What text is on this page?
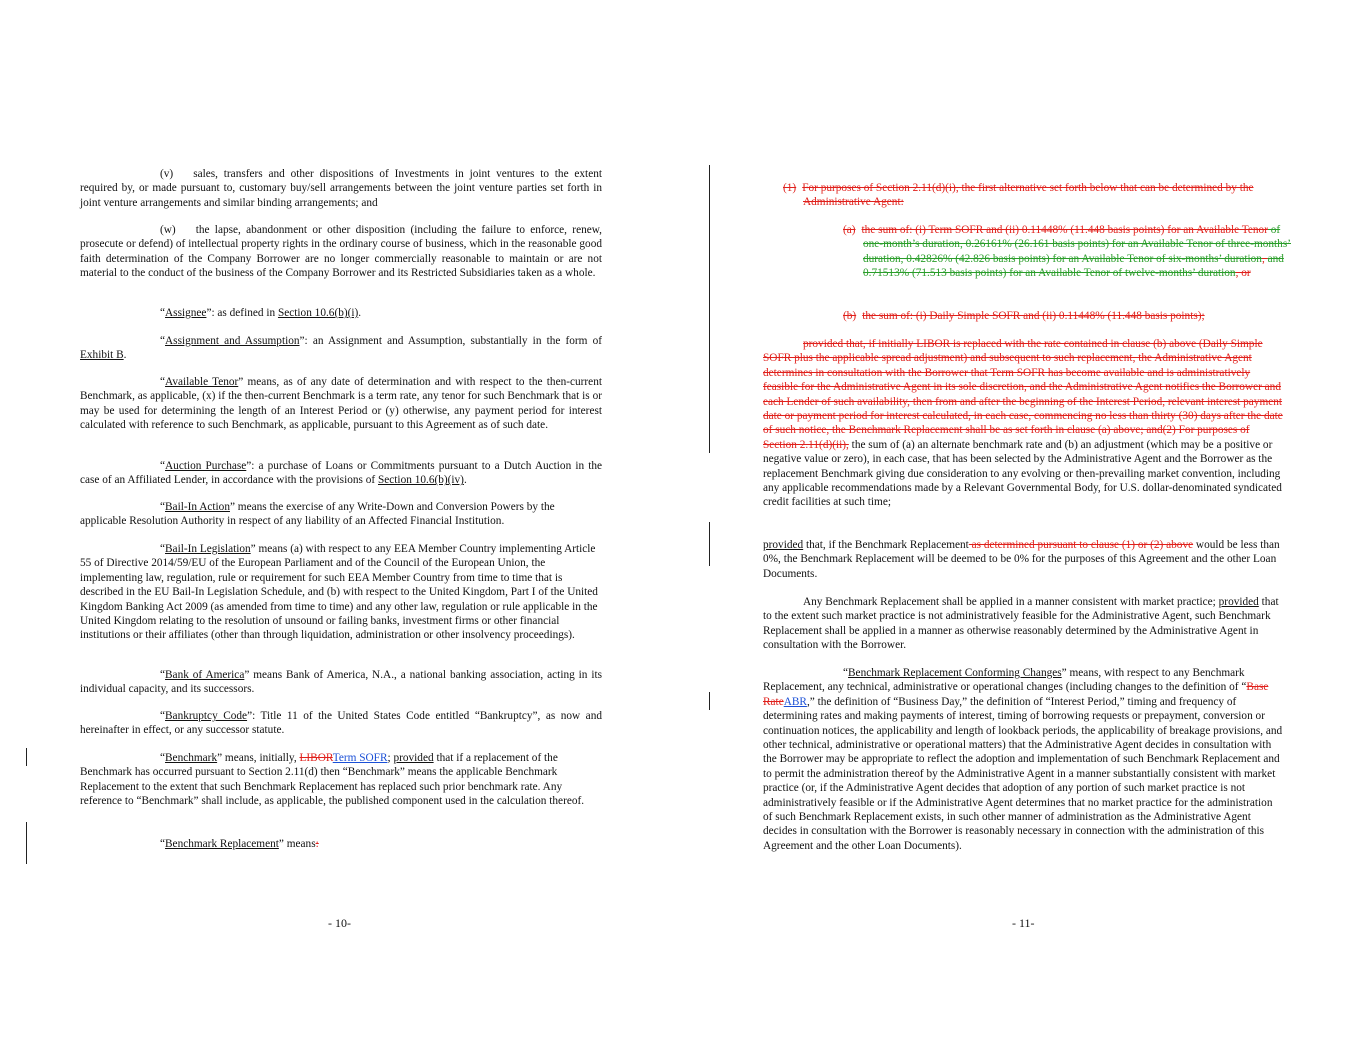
(v) sales, transfers and other dispositions of Investments in joint ventures to the extent required by, or made pursuant to, customary buy/sell arrangements between the joint venture parties set forth in joint venture arrangements and similar binding arrangements; and
(w) the lapse, abandonment or other disposition (including the failure to enforce, renew, prosecute or defend) of intellectual property rights in the ordinary course of business, which in the reasonable good faith determination of the Company Borrower are no longer commercially reasonable to maintain or are not material to the conduct of the business of the Company Borrower and its Restricted Subsidiaries taken as a whole.
“Assignee”: as defined in Section 10.6(b)(i).
“Assignment and Assumption”: an Assignment and Assumption, substantially in the form of Exhibit B.
“Available Tenor” means, as of any date of determination and with respect to the then-current Benchmark, as applicable, (x) if the then-current Benchmark is a term rate, any tenor for such Benchmark that is or may be used for determining the length of an Interest Period or (y) otherwise, any payment period for interest calculated with reference to such Benchmark, as applicable, pursuant to this Agreement as of such date.
“Auction Purchase”: a purchase of Loans or Commitments pursuant to a Dutch Auction in the case of an Affiliated Lender, in accordance with the provisions of Section 10.6(b)(iv).
“Bail-In Action” means the exercise of any Write-Down and Conversion Powers by the applicable Resolution Authority in respect of any liability of an Affected Financial Institution.
“Bail-In Legislation” means (a) with respect to any EEA Member Country implementing Article 55 of Directive 2014/59/EU of the European Parliament and of the Council of the European Union, the implementing law, regulation, rule or requirement for such EEA Member Country from time to time that is described in the EU Bail-In Legislation Schedule, and (b) with respect to the United Kingdom, Part I of the United Kingdom Banking Act 2009 (as amended from time to time) and any other law, regulation or rule applicable in the United Kingdom relating to the resolution of unsound or failing banks, investment firms or other financial institutions or their affiliates (other than through liquidation, administration or other insolvency proceedings).
“Bank of America” means Bank of America, N.A., a national banking association, acting in its individual capacity, and its successors.
“Bankruptcy Code”: Title 11 of the United States Code entitled “Bankruptcy”, as now and hereinafter in effect, or any successor statute.
“Benchmark” means, initially, LIBORTerm SOFR; provided that if a replacement of the Benchmark has occurred pursuant to Section 2.11(d) then “Benchmark” means the applicable Benchmark Replacement to the extent that such Benchmark Replacement has replaced such prior benchmark rate. Any reference to “Benchmark” shall include, as applicable, the published component used in the calculation thereof.
“Benchmark Replacement” means:
- 10-
(1) For purposes of Section 2.11(d)(i), the first alternative set forth below that can be determined by the Administrative Agent:
(a) the sum of: (i) Term SOFR and (ii) 0.11448% (11.448 basis points) for an Available Tenor of one-month’s duration, 0.26161% (26.161 basis points) for an Available Tenor of three-months’ duration, 0.42826% (42.826 basis points) for an Available Tenor of six-months’ duration, and 0.71513% (71.513 basis points) for an Available Tenor of twelve-months’ duration, or
(b) the sum of: (i) Daily Simple SOFR and (ii) 0.11448% (11.448 basis points);
provided that, if initially LIBOR is replaced with the rate contained in clause (b) above (Daily Simple SOFR plus the applicable spread adjustment) and subsequent to such replacement, the Administrative Agent determines in consultation with the Borrower that Term SOFR has become available and is administratively feasible for the Administrative Agent in its sole discretion, and the Administrative Agent notifies the Borrower and each Lender of such availability, then from and after the beginning of the Interest Period, relevant interest payment date or payment period for interest calculated, in each case, commencing no less than thirty (30) days after the date of such notice, the Benchmark Replacement shall be as set forth in clause (a) above; and(2) For purposes of Section 2.11(d)(ii), the sum of (a) an alternate benchmark rate and (b) an adjustment (which may be a positive or negative value or zero), in each case, that has been selected by the Administrative Agent and the Borrower as the replacement Benchmark giving due consideration to any evolving or then-prevailing market convention, including any applicable recommendations made by a Relevant Governmental Body, for U.S. dollar-denominated syndicated credit facilities at such time;
provided that, if the Benchmark Replacement as determined pursuant to clause (1) or (2) above would be less than 0%, the Benchmark Replacement will be deemed to be 0% for the purposes of this Agreement and the other Loan Documents.
Any Benchmark Replacement shall be applied in a manner consistent with market practice; provided that to the extent such market practice is not administratively feasible for the Administrative Agent, such Benchmark Replacement shall be applied in a manner as otherwise reasonably determined by the Administrative Agent in consultation with the Borrower.
“Benchmark Replacement Conforming Changes” means, with respect to any Benchmark Replacement, any technical, administrative or operational changes (including changes to the definition of “Base RateABR,” the definition of “Business Day,” the definition of “Interest Period,” timing and frequency of determining rates and making payments of interest, timing of borrowing requests or prepayment, conversion or continuation notices, the applicability and length of lookback periods, the applicability of breakage provisions, and other technical, administrative or operational matters) that the Administrative Agent decides in consultation with the Borrower may be appropriate to reflect the adoption and implementation of such Benchmark Replacement and to permit the administration thereof by the Administrative Agent in a manner substantially consistent with market practice (or, if the Administrative Agent decides that adoption of any portion of such market practice is not administratively feasible or if the Administrative Agent determines that no market practice for the administration of such Benchmark Replacement exists, in such other manner of administration as the Administrative Agent decides in consultation with the Borrower is reasonably necessary in connection with the administration of this Agreement and the other Loan Documents).
- 11-
